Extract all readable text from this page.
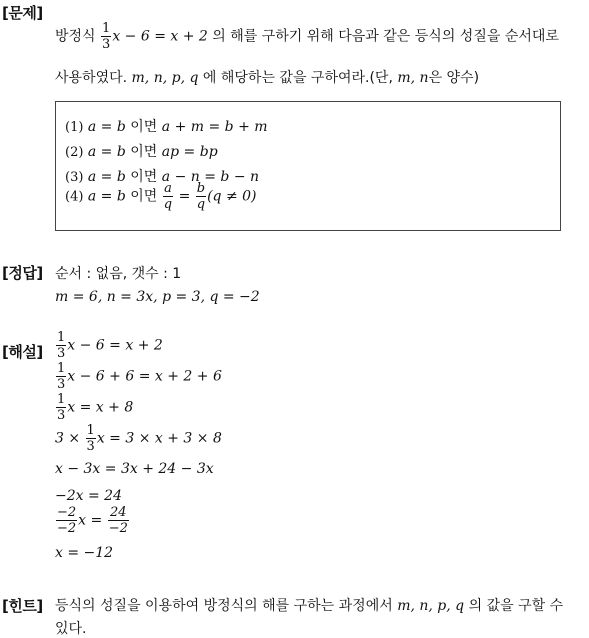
[문제]
방정식 $\frac{1}{3}$ x − 6 = x + 2 의 해를 구하기 위해 다음과 같은 등식의 성질을 순서대로
사용하였다. m, n, p, q 에 해당하는 값을 구하여라.(단, m, n은 양수)
(1) a = b 이면 a + m = b + m
(2) a = b 이면 ap = bp
(3) a = b 이면 a − n = b − n
(4) a = b 이면 $\frac{a}{q} = \frac{b}{q} (q \ne 0)$
[정답] 순서 : 없음, 갯수 : 1
m = 6, n = 3x, p = 3, q = −2
[해설] $\frac{1}{3}$ x − 6 = x + 2
$\frac{1}{3}$ x − 6 + 6 = x + 2 + 6
$\frac{1}{3}$ x = x + 8
$3 \times \frac{1}{3}$ x = 3 × x + 3 × 8
x − 3x = 3x + 24 − 3x
−2x = 24
$\frac{-2}{-2}$ $x = \frac{24}{-2}$
x = −12
[힌트] 등식의 성질을 이용하여 방정식의 해를 구하는 과정에서 m, n, p, q 의 값을 구할 수
있다.
